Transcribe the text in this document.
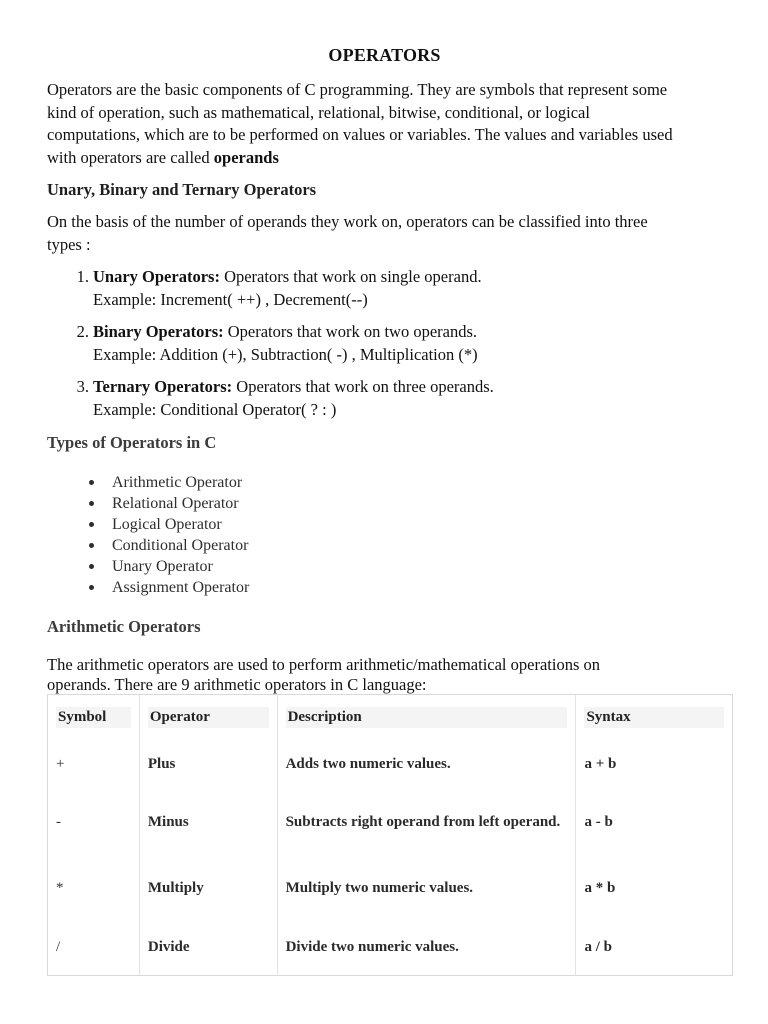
OPERATORS
Operators are the basic components of C programming. They are symbols that represent some
kind of operation, such as mathematical, relational, bitwise, conditional, or logical
computations, which are to be performed on values or variables. The values and variables used
with operators are called operands
Unary, Binary and Ternary Operators
On the basis of the number of operands they work on, operators can be classified into three
types :
1. Unary Operators: Operators that work on single operand.
Example: Increment( ++) , Decrement(--)
2. Binary Operators: Operators that work on two operands.
Example: Addition (+), Subtraction( -) , Multiplication (*)
3. Ternary Operators: Operators that work on three operands.
Example: Conditional Operator( ? : )
Types of Operators in C
Arithmetic Operator
Relational Operator
Logical Operator
Conditional Operator
Unary Operator
Assignment Operator
Arithmetic Operators
The arithmetic operators are used to perform arithmetic/mathematical operations on
operands. There are 9 arithmetic operators in C language:
Symbol	Operator	Description	Syntax

+	Plus	Adds two numeric values.	a + b
-	Minus	Subtracts right operand from left operand.	a - b
*	Multiply	Multiply two numeric values.	a * b
/	Divide	Divide two numeric values.	a / b
